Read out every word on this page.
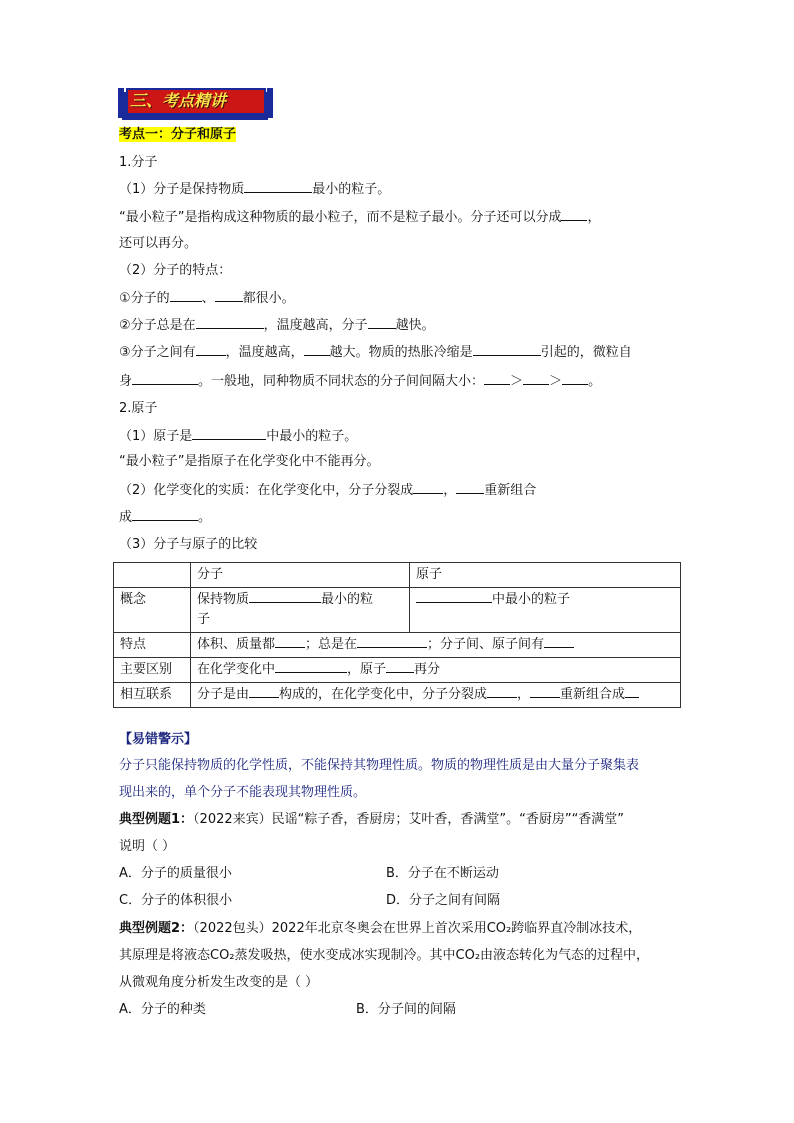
三、考点精讲
考点一：分子和原子
1.分子
（1）分子是保持物质	最小的粒子。
“最小粒子”是指构成这种物质的最小粒子，而不是粒子最小。分子还可以分成 ，
还可以再分。
（2）分子的特点：
①分子的 、 都很小。
②分子总是在	，温度越高，分子 越快。
③分子之间有 ，温度越高， 越大。物质的热胀冷缩是	引起的，微粒自
身	。一般地，同种物质不同状态的分子间间隔大小： ＞ ＞ 。
2.原子
（1）原子是	中最小的粒子。
“最小粒子”是指原子在化学变化中不能再分。
（2）化学变化的实质：在化学变化中，分子分裂成 ， 重新组合
成	。
（3）分子与原子的比较
	分子	原子
概念	保持物质 最小的粒
子	中最小的粒子
特点	体积、质量都 ；总是在 ；分子间、原子间有	
主要区别	在化学变化中 ，原子 再分	
相互联系	分子是由 构成的，在化学变化中，分子分裂成 ， 重新组合成	
【易错警示】
分子只能保持物质的化学性质，不能保持其物理性质。物质的物理性质是由大量分子聚集表
现出来的，单个分子不能表现其物理性质。
典型例题1：（2022来宾）民谣“粽子香，香厨房；艾叶香，香满堂”。“香厨房”“香满堂”
说明（ ）
A．分子的质量很小	B．分子在不断运动
C．分子的体积很小	D．分子之间有间隔
典型例题2：（2022包头）2022年北京冬奥会在世界上首次采用CO₂跨临界直冷制冰技术，
其原理是将液态CO₂蒸发吸热，使水变成冰实现制冷。其中CO₂由液态转化为气态的过程中，
从微观角度分析发生改变的是（ ）
A．分子的种类	B．分子间的间隔
